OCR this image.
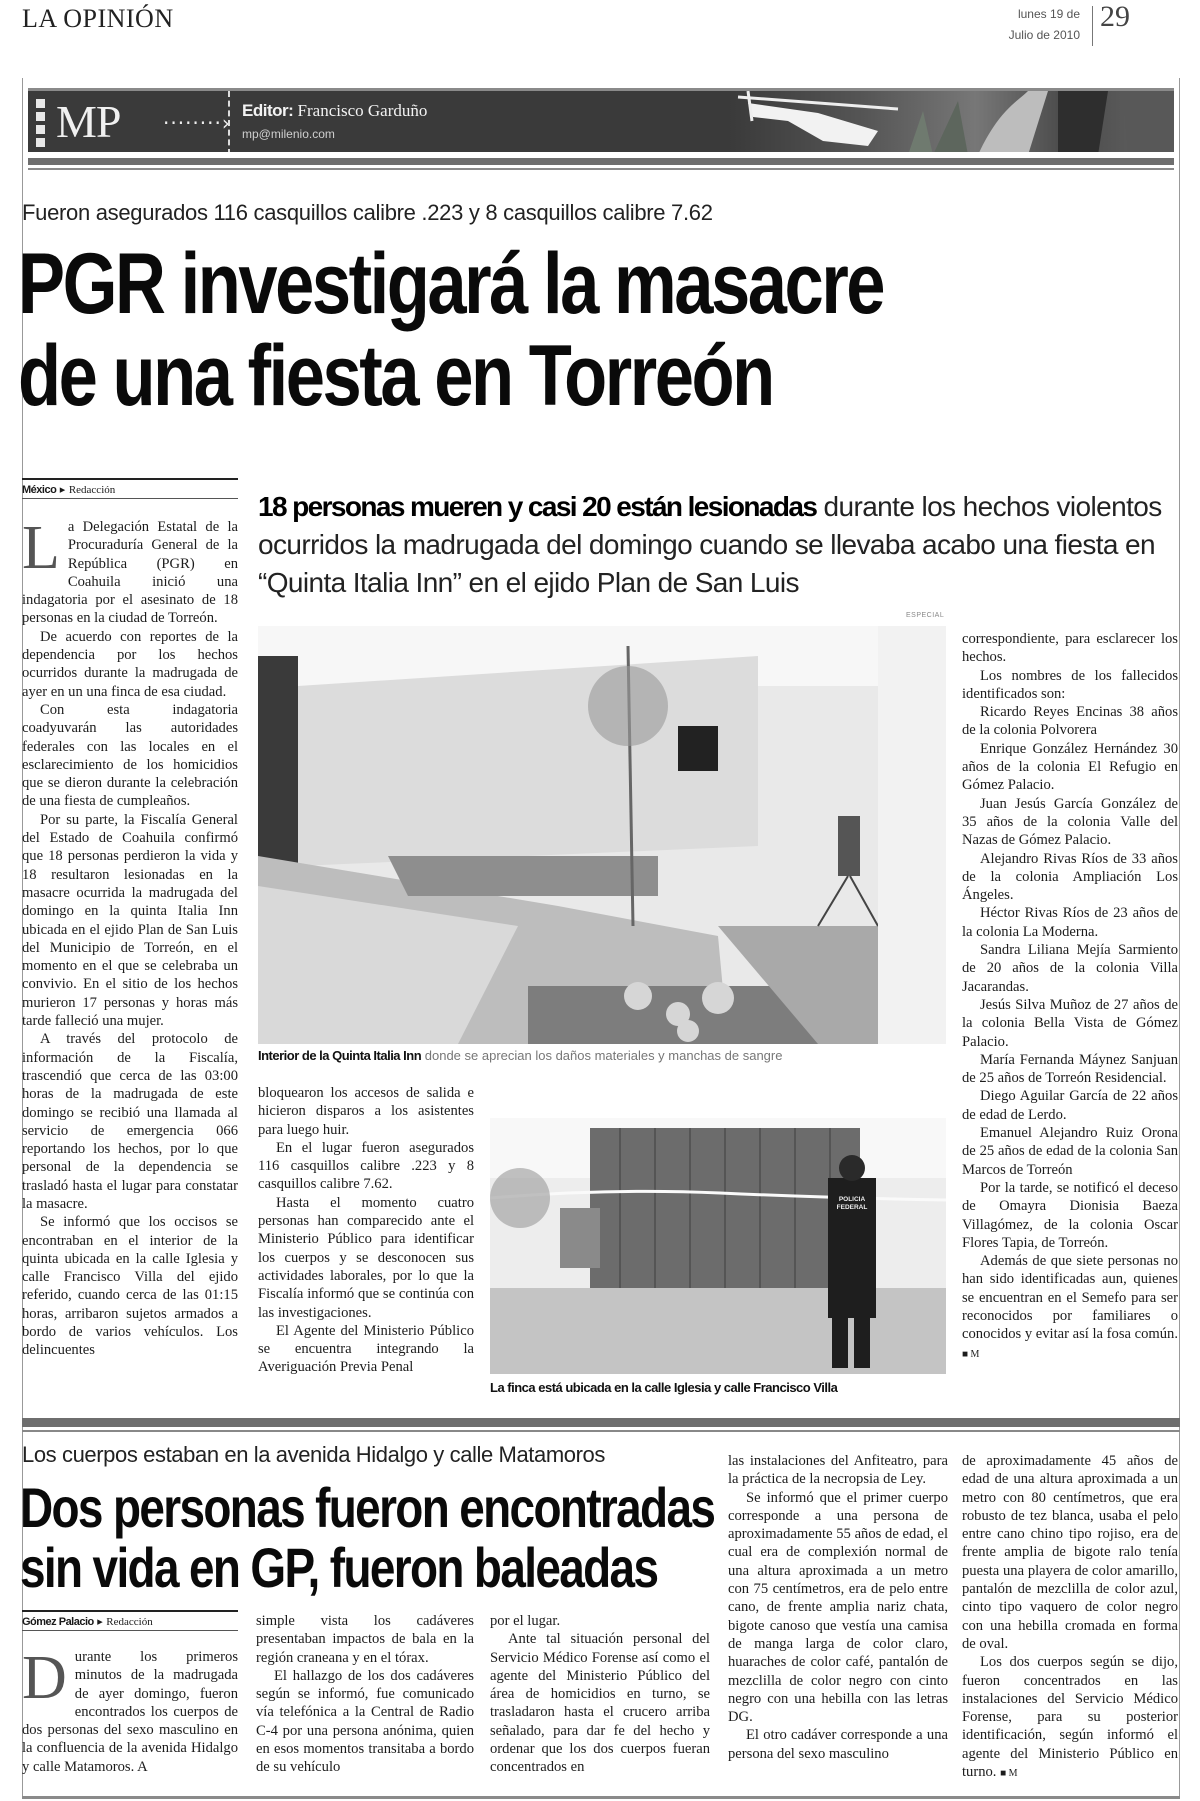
LA OPINIÓN	lunes 19 de
Julio de 2010
29
MP ········›
Editor: Francisco Garduño
mp@milenio.com
Fueron asegurados 116 casquillos calibre .223 y 8 casquillos calibre 7.62
PGR investigará la masacre
de una fiesta en Torreón
México ▸ Redacción
L a Delegación Estatal de la Procuraduría General de la República (PGR) en Coahuila inició una indagatoria por el asesinato de 18 personas en la ciudad de Torreón.

De acuerdo con reportes de la dependencia por los hechos ocurridos durante la madrugada de ayer en un una finca de esa ciudad.

Con esta indagatoria coadyuvarán las autoridades federales con las locales en el esclarecimiento de los homicidios que se dieron durante la celebración de una fiesta de cumpleaños.

Por su parte, la Fiscalía General del Estado de Coahuila confirmó que 18 personas perdieron la vida y 18 resultaron lesionadas en la masacre ocurrida la madrugada del domingo en la quinta Italia Inn ubicada en el ejido Plan de San Luis del Municipio de Torreón, en el momento en el que se celebraba un convivio. En el sitio de los hechos murieron 17 personas y horas más tarde falleció una mujer.

A través del protocolo de información de la Fiscalía, trascendió que cerca de las 03:00 horas de la madrugada de este domingo se recibió una llamada al servicio de emergencia 066 reportando los hechos, por lo que personal de la dependencia se trasladó hasta el lugar para constatar la masacre.

Se informó que los occisos se encontraban en el interior de la quinta ubicada en la calle Iglesia y calle Francisco Villa del ejido referido, cuando cerca de las 01:15 horas, arribaron sujetos armados a bordo de varios vehículos. Los delincuentes

18 personas mueren y casi 20 están lesionadas durante los hechos violentos ocurridos la madrugada del domingo cuando se llevaba acabo una fiesta en “Quinta Italia Inn” en el ejido Plan de San Luis
ESPECIAL
Interior de la Quinta Italia Inn donde se aprecian los daños materiales y manchas de sangre

bloquearon los accesos de salida e hicieron disparos a los asistentes para luego huir.

En el lugar fueron asegurados 116 casquillos calibre .223 y 8 casquillos calibre 7.62.

Hasta el momento cuatro personas han comparecido ante el Ministerio Público para identificar los cuerpos y se desconocen sus actividades laborales, por lo que la Fiscalía informó que se continúa con las investigaciones.

El Agente del Ministerio Público se encuentra integrando la Averiguación Previa Penal

POLICIA FEDERAL
La finca está ubicada en la calle Iglesia y calle Francisco Villa

correspondiente, para esclarecer los hechos.

Los nombres de los fallecidos identificados son:

Ricardo Reyes Encinas 38 años de la colonia Polvorera

Enrique González Hernández 30 años de la colonia El Refugio en Gómez Palacio.

Juan Jesús García González de 35 años de la colonia Valle del Nazas de Gómez Palacio.

Alejandro Rivas Ríos de 33 años de la colonia Ampliación Los Ángeles.

Héctor Rivas Ríos de 23 años de la colonia La Moderna.

Sandra Liliana Mejía Sarmiento de 20 años de la colonia Villa Jacarandas.

Jesús Silva Muñoz de 27 años de la colonia Bella Vista de Gómez Palacio.

María Fernanda Máynez Sanjuan de 25 años de Torreón Residencial.

Diego Aguilar García de 22 años de edad de Lerdo.

Emanuel Alejandro Ruiz Orona de 25 años de edad de la colonia San Marcos de Torreón

Por la tarde, se notificó el deceso de Omayra Dionisia Baeza Villagómez, de la colonia Oscar Flores Tapia, de Torreón.

Además de que siete personas no han sido identificadas aun, quienes se encuentran en el Semefo para ser reconocidos por familiares o conocidos y evitar así la fosa común. ■ M

Los cuerpos estaban en la avenida Hidalgo y calle Matamoros
Dos personas fueron encontradas
sin vida en GP, fueron baleadas
Gómez Palacio ▸ Redacción
D urante los primeros minutos de la madrugada de ayer domingo, fueron encontrados los cuerpos de dos personas del sexo masculino en la confluencia de la avenida Hidalgo y calle Matamoros. A

simple vista los cadáveres presentaban impactos de bala en la región craneana y en el tórax.

El hallazgo de los dos cadáveres según se informó, fue comunicado vía telefónica a la Central de Radio C-4 por una persona anónima, quien en esos momentos transitaba a bordo de su vehículo

por el lugar.

Ante tal situación personal del Servicio Médico Forense así como el agente del Ministerio Público del área de homicidios en turno, se trasladaron hasta el crucero arriba señalado, para dar fe del hecho y ordenar que los dos cuerpos fueran concentrados en

las instalaciones del Anfiteatro, para la práctica de la necropsia de Ley.

Se informó que el primer cuerpo corresponde a una persona de aproximadamente 55 años de edad, el cual era de complexión normal de una altura aproximada a un metro con 75 centímetros, era de pelo entre cano, de frente amplia nariz chata, bigote canoso que vestía una camisa de manga larga de color claro, huaraches de color café, pantalón de mezclilla de color negro con cinto negro con una hebilla con las letras DG.

El otro cadáver corresponde a una persona del sexo masculino

de aproximadamente 45 años de edad de una altura aproximada a un metro con 80 centímetros, que era robusto de tez blanca, usaba el pelo entre cano chino tipo rojiso, era de frente amplia de bigote ralo tenía puesta una playera de color amarillo, pantalón de mezclilla de color azul, cinto tipo vaquero de color negro con una hebilla cromada en forma de oval.

Los dos cuerpos según se dijo, fueron concentrados en las instalaciones del Servicio Médico Forense, para su posterior identificación, según informó el agente del Ministerio Público en turno. ■ M
